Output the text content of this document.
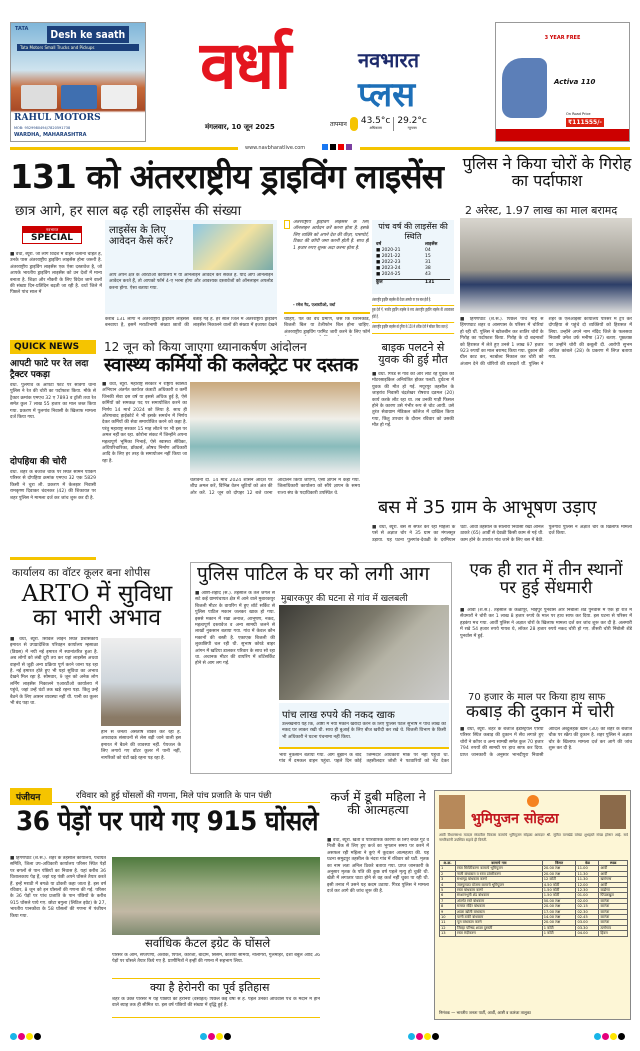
Desh ke saath
Tata Motors Small Trucks and Pickups
TATA
RAHUL MOTORS
MOB: 9529980494/7820591738
WARDHA, MAHARASHTRA
वर्धा	नवभारत
प्लस
मंगलवार, 10 जून 2025	तापमान 43.5°c
अधिकतम
29.2°c
न्यूनतम
3 YEAR FREE
Activa 110
On Road Price
₹111555/-
www.navbharatlive.com
131 को अंतरराष्ट्रीय ड्राइविंग लाइसेंस
छात्र आगे, हर साल बढ़ रही लाइसेंस की संख्या
नवभारत
SPECIAL
■ वर्धा, ब्यूरो. जो लोग विदेश में वाहन चलाना चाहते हैं, उनके पास अंतरराष्ट्रीय ड्राइविंग लाइसेंस होना जरूरी है. अंतरराष्ट्रीय ड्राइविंग लाइसेंस एक ऐसा दस्तावेज है, जो आपके भारतीय ड्राइविंग लाइसेंस को उन देशों में मान्य बनाता है. शिक्षा और नौकरी के लिए विदेश जाने वालों की संख्या दिन-प्रतिदिन बढ़ती जा रही है. वर्धा जिले में पिछले पांच साल में
लाइसेंस के लिए आवेदन कैसे करें?
आप अपने क्षेत्र के आरटीओ कार्यालय में या ऑनलाइन आवेदन कर सकते हैं. यदि आप ऑनलाइन आवेदन करते हैं, तो आपको फॉर्म 4-ए भरना होगा और आवश्यक दस्तावेजों को ऑनलाइन अपलोड करना होगा. ऐसा बताया गया.
करीब 131 लोगों ने अंतरराष्ट्रीय ड्राइविंग लाइसेंस बनवाया है, इसमें मराठीभाषी संख्या छात्रों की बताई गई है. हर साल जिले में अंतरराष्ट्रीय ड्राइविंग लाइसेंस निकालने वालों की संख्या में इजाफा देखने
अंतरराष्ट्रीय ड्राइविंग लाइसेंस के लिए ऑनलाइन आवेदन करें करना होता है. इसके लिए व्यक्ति को अपने देश की वीज़ा, पासपोर्ट, टिकट की कॉपी जमा करनी होती है. साथ ही 1 हजार रुपए शुल्क अदा करना होता है.
- रमेश नैद, एआरटीओ, वर्धा
चाहिए, पते का वैध प्रमाण, जैसे कि राशनकार्ड, बिजली बिल या टेलीफोन बिल होना चाहिए. अंतरराष्ट्रीय ड्राइविंग परमिट जारी करने के लिए फॉर्म
पांच वर्ष की लाइसेंस की स्थिति
वर्ष	लाइसेंस
■ 2020-21	04
■ 2021-22	15
■ 2022-23	31
■ 2023-24	38
■ 2024-25	43
कुल	131
अंतरराष्ट्रीय ड्राइविंग लाइसेंस की वैधता आमतौर पर एक साल होती है.
कुछ देशों में, भारतीय ड्राइविंग लाइसेंस के साथ अंतरराष्ट्रीय ड्राइविंग लाइसेंस की आवश्यकता होती है.
अंतरराष्ट्रीय ड्राइविंग लाइसेंस को दुनिया के 150 से अधिक देशों में स्वीकार किया जाता है.
पुलिस ने किया चोरों के गिरोह का पर्दाफाश
2 अरेस्ट, 1.97 लाख का माल बरामद
■ हिंगणघाट (श.सं.). पिछले पांच माह से हिंगणघाट शहर व आसपास के परिसर में चोरियां हो रही थीं. पुलिस ने खोजबीन कर शातिर चोरों के गिरोह का पर्दाफाश किया. गिरोह के दो बदमाशों को हिरासत में लेते हुए उनसे 1 लाख 97 हजार 923 रुपयों का माल बरामद किया गया. दुकान की ग्रील काट कर, नटबोल्ट निकाल कर चोरी को अंजाम देने की चोरियों की वारदातें थीं. पुलिस ने शहर के एलआईसी कार्यालय परिसर में ट्रैप कर दोपहिया से पहुंचे दो व्यक्तियों को हिरासत में लिया. उन्होंने अपने नाम नंदिंद जिले के फलसवा निवासी उमेश उर्फ मनीषा (37) बताए. पूछताछ पर उन्होंने चोरी की कबूली दी. आरोपी सुभम अजित कांबले (28) के प्रकरण में लिप्त बताया गया.
QUICK NEWS
आपटी फाटे पर रेत लदा ट्रैक्टर पकड़ा
वर्धा. पुलगांव के आपटी फाटे पर सावंगी थाना पुलिस ने रेत की चोरी का पर्दाफाश किया. मौके से ट्रैक्टर क्रमांक एमएच 32 ए 7893 व ट्रॉली तथा रेत समेत कुल 7 लाख 55 हजार का माल जब्त किया गया. प्रकरण में पुलगांव निवासी के खिलाफ मामला दर्ज किया गया.
दोपहिया की चोरी
वर्धा. शहर के बजाज चौक पर स्थित सामने पार्किंग परिसर से दोपहिया क्रमांक एमएच 32 एक 5829 किसी ने चुरा ली. प्रकरण में केलझर निवासी रामकृष्ण दिवाकर चंदनकर (42) की शिकायत पर शहर पुलिस ने मामला दर्ज कर जांच शुरू कर दी है.
12 जून को किया जाएगा ध्यानाकर्षण आंदोलन
स्वास्थ्य कर्मियों की कलेक्ट्रेट पर दस्तक
■ वर्धा, ब्यूरो. महाराष्ट्र सरकार ने राष्ट्रीय स्वास्थ्य अभियान अंतर्गत कार्यरत कंत्राटी अधिकारी व कर्मी जिनकी सेवा दस वर्ष या इससे अधिक हुई है, ऐसे कर्मियों को समकक्ष पद पर समायोजित करने का निर्णय 14 मार्च 2024 को लिया है. साथ ही औरंगाबाद हाईकोर्ट ने भी इसके समर्थन में निर्णय देकर कर्मियों की सेवा समायोजित करने को कहा है. परंतु महाराष्ट्र सरकार 15 माह लौटने पर भी इस पर अमल नहीं कर रहा. कोरोना संकट में जिन्होंने अपना महत्वपूर्ण भूमिका निभाई, ऐसे स्वास्थ्य सेविका, अधिपरिचारिका, डॉक्टर्स, औषध निर्माण अधिकारी आदि के लिए हर तरह के समायोजन नहीं किया जा रहा है.
चेतावनी दी. 14 मार्च 2024 शासन आदेश पर शीघ्र अमल करें, विभिन्न वेतन श्रुटियों को अंत की ओर करें. 12 जून को दोपहर 12 बजे धरना आंदोलन किया जाएगा, ऐसा ज्ञापन में कहा गया. जिलाधिकारी कार्यालय को सौंपे ज्ञापन के समय राज्य संघ के पदाधिकारी उपस्थित थे.
बाइक पलटने से युवक की हुई मौत
■ वर्धा. गिरड से गांव की ओर लौट रहे युवक की मोटरसाइकिल अनियंत्रित होकर पलटी. दुर्घटना में युवक की मौत हो गई. मयूरपुर तहसील के जाहरांव निवासी चंद्रशेखर रोषराव दडमल (20) कार्य करके लौट रहा था. तब उनकी गाड़ी फिसल होने के कारण उसे गंभीर रूप से चोट आयी. उसे तुरंत सेवाग्राम मेडिकल कॉलेज में दाखिल किया गया, किंतु उपचार के दौरान रविवार को उसकी मौत हो गई.
बस में 35 ग्राम के आभूषण उड़ाए
■ वर्धा, ब्यूरो. बस से सफर कर रही महिला के पर्स से अज्ञात चोर ने 35 ग्राम का मंगलसूत्र उड़ाया. यह घटना पुलगांव-देवळी के दरमियान घटी. आर्वी तहसील के सालोरा निवासी रेखा अनिल ठाकरे (65) आर्वी से देवळी किसी काम से गई थी. काम होने के उपरांत गांव जाने के लिए बस में बैठी. पुलगांव पुलिस ने अज्ञात चोर के खिलाफ मामला दर्ज किया.
कार्यालय का वॉटर कूलर बना शोपीस
ARTO में सुविधा का भारी अभाव
■ वर्धा, ब्यूरो. सिविल लाइन स्थित प्रशासकीय इमारत से उपप्रादेशिक परिवहन कार्यालय म्हसाळा (डिग्रस) में नयी नई इमारत में स्थानांतरित हुआ है. अब लोगों को लंबी दूरी तय कर यहां लाइसेंस अथवा वाहनों से जुड़ी अन्य प्रक्रिया पूर्ण करने जाना पड़ रहा है. नई इमारत होते हुए भी यहां सुविधा का अभाव देखने मिल रहा है. सोमवार, 9 जून को अनेक लोग लर्निंग लाइसेंस निकालने एआरटीओ कार्यालय में पहुंचे, जहां उन्हें घंटों तक खड़े रहना पड़ा. किंतु उन्हें बैठने के लिए आसन व्यवस्था नहीं थी. पानी का कूलर भी बंद पड़ा था.
होने से जनता असंतोष व्यक्त कर रही है. अपवादक संसाधनों से लेस बड़ी जाने वाली इस इमारत में बैठने की व्यवस्था नहीं. पेयजल के लिए लगाये गए वॉटर कूलर में पानी नहीं, नागरिकों को घंटों खड़े रहना पड़ रहा है.
पुलिस पाटिल के घर को लगी आग
■ आष्टी-शहीद (सं.). तहसील के तले जंगल से सटे कई ग्रामपंचायत क्षेत्र में आने वाले मुबारकपुर बिजली मीटर के वायरिंग में हुए शॉर्ट सर्किट से पुलिस पाटिल मकान जलकर खाक हो गया. इससे मकान में रखा अनाज, आभूषण, नकद, महत्वपूर्ण दस्तावेज व अन्य सामग्री जलने से लाखों नुकसान बताया गया. गांव में केवल कौन मकानों की बस्ती है. एकाएक बिजली की लुकाछिपी चल रही थी. सुभाष कोरडे बाहर आंगन में खटिया डालकर परिवार के साथ सो रहा था. अचानक मीटर की वायरिंग में शॉर्टसर्किट होने से आग लग गई.
मुबारकपुर की घटना से गांव में खलबली
पांच लाख रुपये की नकद खाक
उल्लेखनीय यह कि, आष्टी में नया मकान खरीदी करने के लिए पुलिस पटेल सुभाष ने पांच लाख की नकद घर लाकर रखी थी. साथ ही बुआई के लिए बीज खरीदी कर रखे थे. बिजली विभाग के किसी भी अधिकारी ने घटना पंचनामा नहीं किया.
भारी नुकसान बताया गया. आग बुझाने के बाद गांव में दमकल वाहन पहुंचा. पहले दिन कोई जिम्मेदार अधिकारी मौके पर नहीं पहुंचा था. तहसीलदार जोशी ने पटवारियों को भेंट देकर
एक ही रात में तीन स्थानों पर हुई सेंधमारी
■ आर्वी (श.सं.). तहसील के केळापूर, भोईपुर पुनर्वास और निंबोली शेंडे पुनर्वास में एक ही रात में सेंधमारों ने चोरी कर 1 लाख 8 हजार रुपये के माल पर हाथ साफ कर दिया. इस घटना से परिसर में हड़कंप मच गया. आर्वी पुलिस ने अज्ञात चोरों के खिलाफ मामला दर्ज कर जांच शुरू कर दी है. अलमारी में रखे 54 हजार रुपये गायब थे, लॉकर 28 हजार रुपये नकद चोरी हो गए. तीसरी चोरी निंबोली शेंडे पुनर्वास में हुई.
70 हजार के माल पर किया हाथ साफ
कबाड़ की दुकान में चोरी
■ वर्धा, ब्यूरो. शहर के बजाज इंडस्ट्रियल एरिया परिसर स्थित कबाड़ की दुकान में सेंध लगाते हुए चोरों ने कॉपर व अन्य सामग्री समेत कुल 70 हजार 794 रुपयों की सामग्री पर हाथ साफ कर दिया. प्राप्त जानकारी के अनुसार भानदीपुरा निवासी आदिल अब्दुलहक खान (30) की शहर के बजाज चौक पर स्क्रैप की दुकान है. शहर पुलिस ने अज्ञात चोर के खिलाफ मामला दर्ज कर आगे की जांच शुरू कर दी है.
पंजीयन	रविवार को हुई घोंसलों की गणना, मिले पांच प्रजाति के पान पंछी
36 पेड़ों पर पाये गए 915 घोंसले
■ हिंगणघाट (श.सं.). शहर के तहसील कार्यालय, पंचायत समिति, जिला उप-अधिकारी कार्यालय परिसर स्थित पेड़ों पर बगलों से पान पंछियों का निवास है. यहां करीब 36 विशालकाय पेड़ हैं, जहां यह पंछी अपने घोंसले तैयार करते हैं. इन्हें मराठी में बगळे या ढोकरी कहा जाता है. इस वर्ष रविवार, 8 जून को इन घोंसलों की गणना की गई. परिसर के 36 पेड़ों पर पांच प्रजाति के पान पंछियों के करीब 915 घोंसले पाये गए. छोटा बगुला (लिटिल इग्रेट) के 27, भारतीय पानकौवा के 58 घोंसलों की गणना में पंजीयन किया गया.
सर्वाधिक कैटल इग्रेट के घोंसले
परिसर के आम, सप्तपर्णी, अशोक, पिंपल, कारंजी, बादाम, सिसम, कैशिया सेमिया, नीलगिरी, गुलमोहर, देशी बबुल आदि 36 पेड़ों पर घोंसले तैयार किये गए हैं. प्राणीमित्रों ने इन्हीं की गणना में सहभाग लिया.
क्या है हेरोनरी का पूर्व इतिहास
शहर के उक्त परिसर में यह पंछियों की हेरोनरी (वसाहत) पिछले कई वर्षों से है. पहले उनका अधिवास पंच के मैदान में होने वाले ब्याह तक ही सीमित था. इस वर्ष पंछियों की संख्या में वृद्धि हुई है.
कर्ज में डूबी महिला ने की आत्महत्या
■ वर्धा, ब्यूरो. खेती व पारिवारिक कारणों के लिए बचत गुट व निजी बैंक से लिए हुए कर्ज का भुगतान समय पर करने में असफल रही महिला ने कुएं में कूदकर आत्महत्या की. यह घटना समुद्रपुर तहसील के नंदरा गांव में रविवार को घटी. मृतक का नाम लता अनिल ठिकरे बताया गया. प्राप्त जानकारी के अनुसार मृतक के पति की कुछ वर्ष पहले मृत्यु हो चुकी थी. खेती में लगातार घाटा होने से वह कर्ज नहीं चुका पा रही थी. इसी तनाव में उसने यह कदम उठाया. गिरड पुलिस ने मामला दर्ज कर आगे की जांच शुरू की है.
भुमिपुजन सोहळा
आर्वी विधानसभा मतदार संघातील विकास कामांचे भूमिपूजन सोहळा आमदार श्री. सुमित वानखेडे यांच्या शुभहस्ते संपन्न होणार आहे. सर्व नागरिकांनी उपस्थित राहावे ही विनंती.
अ.क्र.	कामाचे नाव	किंमत	वेळ	स्थळ
1	रस्ता सिमेंटीकरण कामाचे भूमिपूजन	20.00 लक्ष	11.00	आर्वी
2	नाली बांधकाम व रस्ता डांबरीकरण	20.00 लक्ष	11.30	आर्वी
3	सभागृह बांधकाम करणे	12 कोटी	11.30	खरांगणा
4	जलपुरवठा योजना कामाचे भूमिपूजन	4.50 कोटी	12.00	आर्वी
5	रस्ता बांधकाम करणे	1.50 कोटी	12.30	वाढोणा
6	स्मशानभूमी शेड बांधकाम	1.50 कोटी	01.00	पिंपळखुटा
7	अंतर्गत रस्ते बांधकाम	50.00 लक्ष	02.00	कारंजा
8	समाज मंदिर बांधकाम	20.00 लक्ष	02.15	कारंजा
9	शाळा खोली बांधकाम	17.00 लक्ष	02.30	कारंजा
10	पाणी टाकी बांधकाम	14.00 लक्ष	02.45	कारंजा
11	पूल बांधकाम करणे	20.00 लक्ष	03.00	कारंजा
12	जिल्हा परिषद शाळा दुरुस्ती	1 कोटी	03.30	ठाणेगाव
13	रस्ता रुंदीकरण	1 कोटी	04.00	हिवरा
निमंत्रक — भारतीय जनता पार्टी, आर्वी, आष्टी व कारंजा तालुका
